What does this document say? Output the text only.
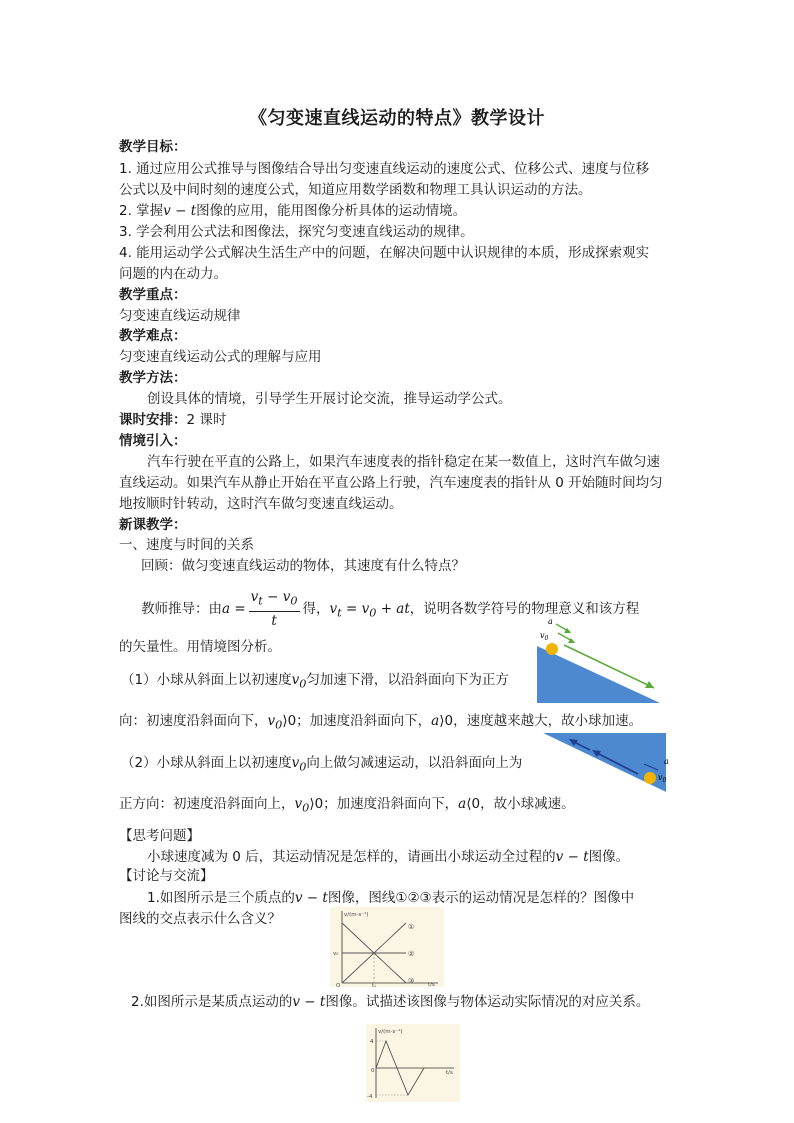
《匀变速直线运动的特点》教学设计
教学目标：
1. 通过应用公式推导与图像结合导出匀变速直线运动的速度公式、位移公式、速度与位移
公式以及中间时刻的速度公式，知道应用数学函数和物理工具认识运动的方法。
2. 掌握v − t图像的应用，能用图像分析具体的运动情境。
3. 学会利用公式法和图像法，探究匀变速直线运动的规律。
4. 能用运动学公式解决生活生产中的问题，在解决问题中认识规律的本质，形成探索观实
问题的内在动力。
教学重点：
匀变速直线运动规律
教学难点：
匀变速直线运动公式的理解与应用
教学方法：
创设具体的情境，引导学生开展讨论交流，推导运动学公式。
课时安排：2 课时
情境引入：
汽车行驶在平直的公路上，如果汽车速度表的指针稳定在某一数值上，这时汽车做匀速
直线运动。如果汽车从静止开始在平直公路上行驶，汽车速度表的指针从 0 开始随时间均匀
地按顺时针转动，这时汽车做匀变速直线运动。
新课教学：
一、速度与时间的关系
回顾：做匀变速直线运动的物体，其速度有什么特点？
教师推导：由$a = \frac{v_t - v_0}{t}$ 得，$v_t = v_0$ + at，说明各数学符号的物理意义和该方程
的矢量性。用情境图分析。
（1）小球从斜面上以初速度$v_0$匀加速下滑，以沿斜面向下为正方
向：初速度沿斜面向下，$v_0⟩0$；加速度沿斜面向下，a⟩0，速度越来越大，故小球加速。
（2）小球从斜面上以初速度$v_0$向上做匀减速运动，以沿斜面向上为
正方向：初速度沿斜面向上，$v_0⟩0$；加速度沿斜面向下，a⟨0，故小球减速。
【思考问题】
小球速度减为 0 后，其运动情况是怎样的，请画出小球运动全过程的v − t图像。
【讨论与交流】
1.如图所示是三个质点的v − t图像，图线①②③表示的运动情况是怎样的？图像中
图线的交点表示什么含义？
2.如图所示是某质点运动的v − t图像。试描述该图像与物体运动实际情况的对应关系。
a
$v_0$
a
$v_0$
v/(m·s⁻¹)
t/s
O
v₀
t₁
①
②
③
v/(m·s⁻¹)
t/s
4
-4
0
